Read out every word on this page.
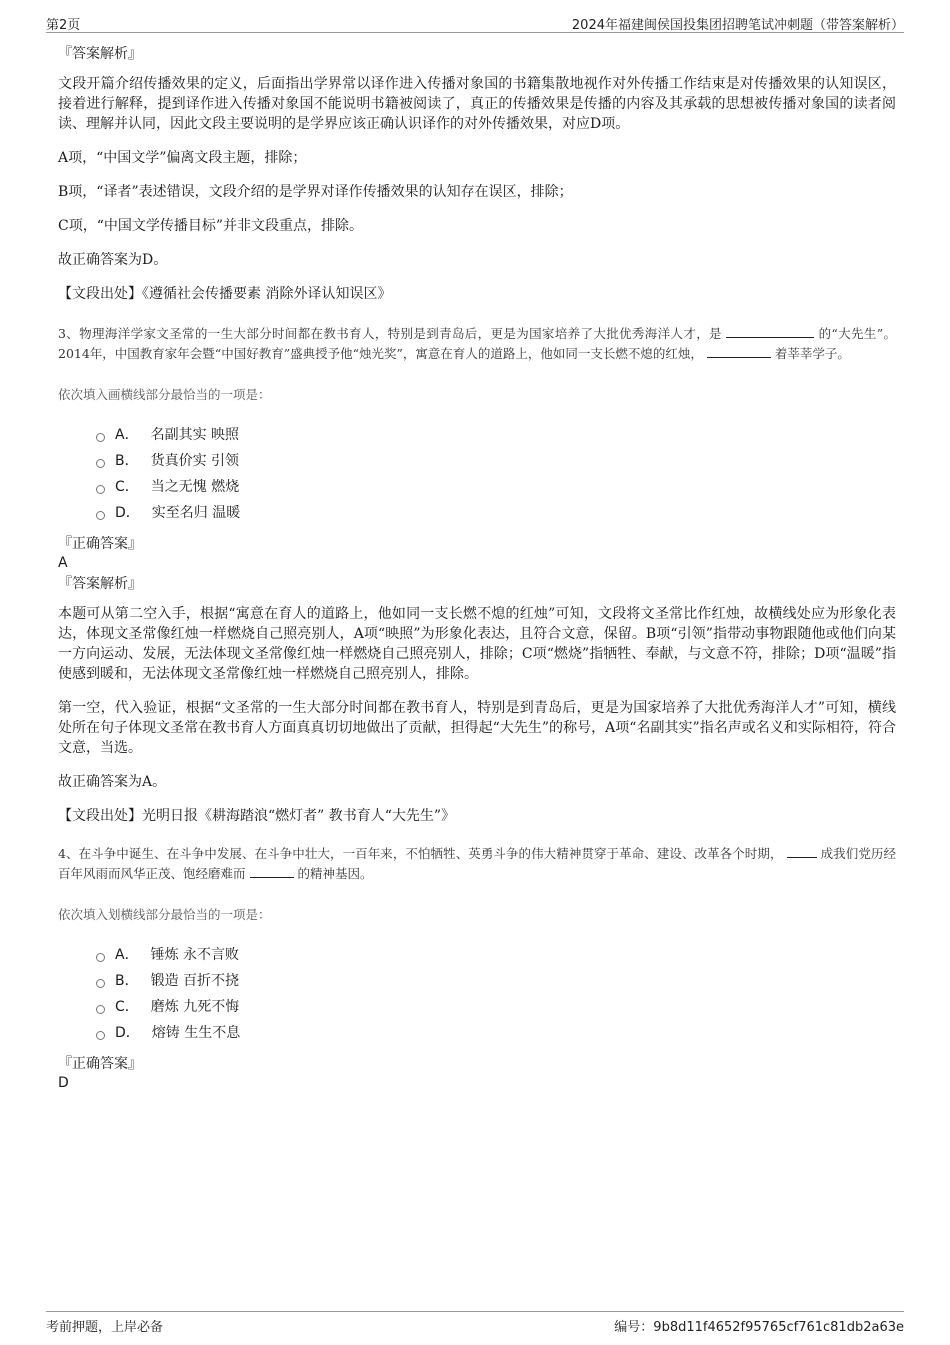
第2页	2024年福建闽侯国投集团招聘笔试冲刺题（带答案解析）

『答案解析』

文段开篇介绍传播效果的定义，后面指出学界常以译作进入传播对象国的书籍集散地视作对外传播工作结束是对传播效果的认知误区，接着进行解释，提到译作进入传播对象国不能说明书籍被阅读了，真正的传播效果是传播的内容及其承载的思想被传播对象国的读者阅读、理解并认同，因此文段主要说明的是学界应该正确认识译作的对外传播效果，对应D项。

A项，“中国文学”偏离文段主题，排除；

B项，“译者”表述错误，文段介绍的是学界对译作传播效果的认知存在误区，排除；

C项，“中国文学传播目标”并非文段重点，排除。

故正确答案为D。

【文段出处】《遵循社会传播要素 消除外译认知误区》

3、物理海洋学家文圣常的一生大部分时间都在教书育人，特别是到青岛后，更是为国家培养了大批优秀海洋人才，是	的“大先生”。2014年，中国教育家年会暨“中国好教育”盛典授予他“烛光奖”，寓意在育人的道路上，他如同一支长燃不熄的红烛，	着莘莘学子。

依次填入画横线部分最恰当的一项是：

A． 名副其实 映照
B． 货真价实 引领
C． 当之无愧 燃烧
D． 实至名归 温暖

『正确答案』

A

『答案解析』

本题可从第二空入手，根据“寓意在育人的道路上，他如同一支长燃不熄的红烛”可知，文段将文圣常比作红烛，故横线处应为形象化表达，体现文圣常像红烛一样燃烧自己照亮别人，A项“映照”为形象化表达，且符合文意，保留。B项“引领”指带动事物跟随他或他们向某一方向运动、发展，无法体现文圣常像红烛一样燃烧自己照亮别人，排除；C项“燃烧”指牺牲、奉献，与文意不符，排除；D项“温暖”指使感到暖和，无法体现文圣常像红烛一样燃烧自己照亮别人，排除。

第一空，代入验证，根据“文圣常的一生大部分时间都在教书育人，特别是到青岛后，更是为国家培养了大批优秀海洋人才”可知，横线处所在句子体现文圣常在教书育人方面真真切切地做出了贡献，担得起“大先生”的称号，A项“名副其实”指名声或名义和实际相符，符合文意，当选。

故正确答案为A。

【文段出处】光明日报《耕海踏浪“燃灯者” 教书育人“大先生”》

4、在斗争中诞生、在斗争中发展、在斗争中壮大，一百年来，不怕牺牲、英勇斗争的伟大精神贯穿于革命、建设、改革各个时期，	成我们党历经百年风雨而风华正茂、饱经磨难而	的精神基因。

依次填入划横线部分最恰当的一项是：

A． 锤炼 永不言败
B． 锻造 百折不挠
C． 磨炼 九死不悔
D． 熔铸 生生不息

『正确答案』

D

考前押题，上岸必备	编号：9b8d11f4652f95765cf761c81db2a63e
